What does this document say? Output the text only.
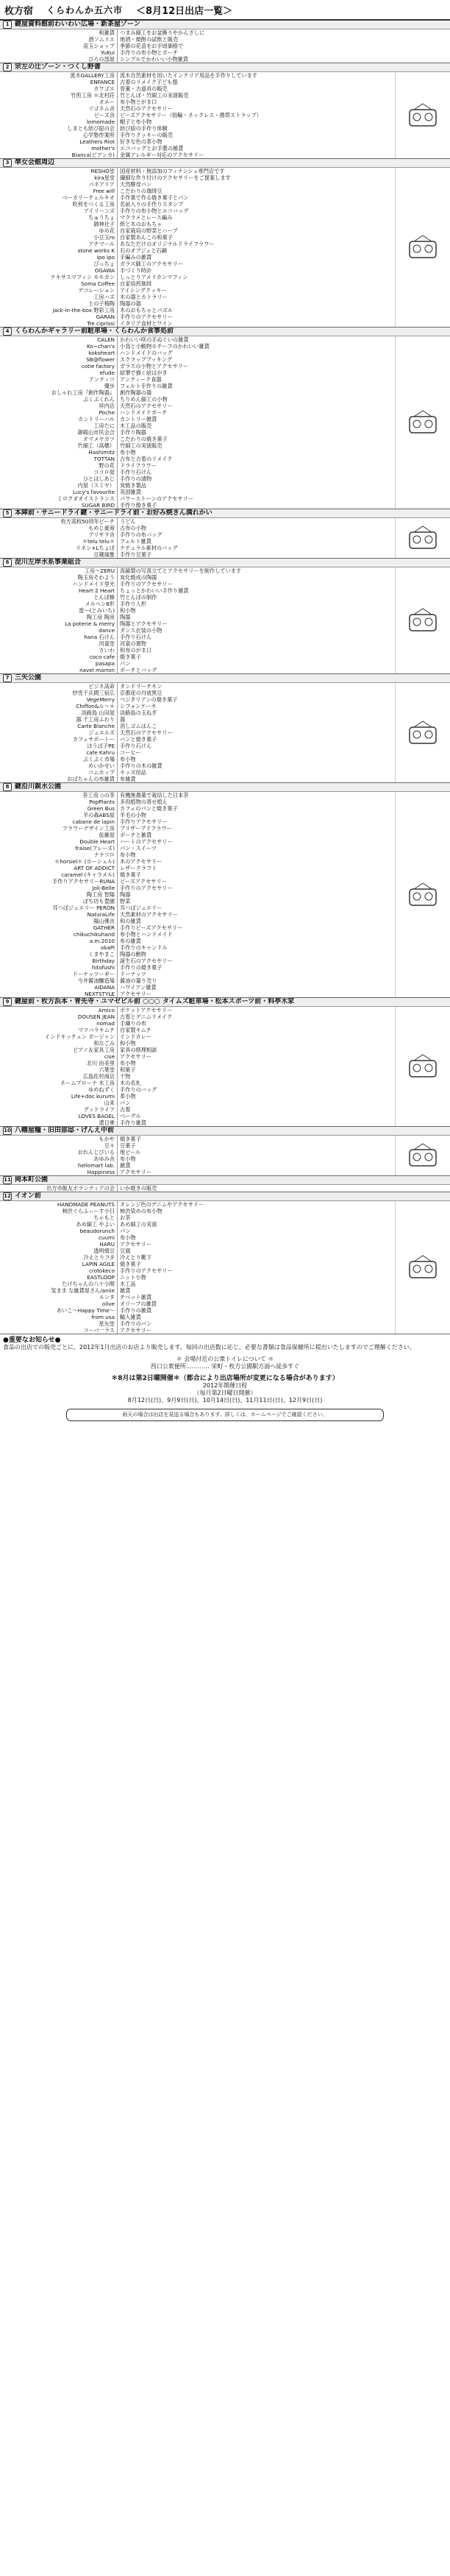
枚方宿 くらわんか五六市 ＜8月12日出店一覧＞
1 鍵屋資料館前わいわい広場・新茶屋ゾーン
和雑貨
酒ソムリエ
苗玉ショップ
YuKui
ぴろの部屋
つまみ細工をお盆飾りやかんざしに
地酒・焼酎の試飲と販売
季節の花苗をお手頃価格で
手作りの布小物とポーチ
シンプルでかわいい小物雑貨
2 宗左の辻ゾーン・つくし野書
流木GALLERY工房
ENFANCE
カワゴエ
竹煎工房 ＊北村荘
オエー
リゴネム舎
ビーズ舎
lomomade
しまとも結び紐の会
心学塾作業所
Leathers Riot
mother's
Bianca(ビアンカ)
流木自然素材を用いたインテリア用品を手作りしています
古着のリメイク子ども服
骨董・古道具の販売
竹とんぼ・竹細工の実演販売
布小物とがま口
天然石のアクセサリー
ビーズアクセサリー（指輪・ネックレス・携帯ストラップ）
帽子と布小物
結び紐の手作り体験
手作りクッキーの販売
好きな色の革小物
エコバッグとお手製の雑貨
金属アレルギー対応のアクセサリー
3 準女会館周辺
RESHO堂
kira星堂
パネアリア
Free will
ベーカリーチェルキオ
吹利をつくる工房
アイリーンズ
ちゅうちょ
御神社子
ゆめ花
小豆玉ro
アチマール
stone works K
ipo ipo
ぴっちょ
OGAWA
テキサスマフィン モモカン
Soma Coffee
デコレーション
工房ハズ
土の子梅陶
jack-in-the-box 野彩工房
GARAN
Tre ciprissi
国産材料・無添加のフィナンシェ専門店です
繊細な作り付けのアクセサリーをご提案します
天然酵母パン
こだわりの珈琲豆
手作業で作る焼き菓子とパン
名前入りの手作りスタンプ
手作りの布小物とエコバッグ
マクラメとレース編み
紙と木のおもちゃ
自家栽培の野菜とハーブ
自家製あんこの和菓子
あなただけのオリジナルドライフラワー
石のオブジェと石鹸
手編みの雑貨
ガラス細工のアクセサリー
手づくり時計
しっとりアメリカンマフィン
自家焙煎珈琲
アイシングクッキー
木の器とカトラリー
陶器の器
木のおもちゃとパズル
手作りのアクセサリー
イタリア食材とワイン
4 くらわんかギャラリー前駐車場・くらわんか食事処前
CALEN
Ko~chan's
kokoheart
SB@flower
cotie factory
efude
アンティコ
優歩
おしゃれ工房『創作陶器』
ぷくぷくれん
祥内店
Poche
カントリーハル
工房たに
御殿山市民会合
オマメヤカツ
竹細工（高橋）
Hashimitz
TOTTAN
野の花
ココロ屋
ひとはしあじ
内屋（スミヤ）
Lucy's favourite
ミロクオオイストランス
SUGAR BIRD
かわいい咲の手ぬぐいの雑貨
小鳥と小動物モチーフのかわいい雑貨
ハンドメイドのバッグ
スクラップブッキング
ガラスの小物とアクセサリー
絵筆で描く絵はがき
アンティーク食器
フェルト手作りの雑貨
創作陶器の器
ちりめん細工の小物
天然石のアクセサリー
ハンドメイドポーチ
カントリー雑貨
木工品の販売
手作り陶器
こだわりの焼き菓子
竹細工の実演販売
布小物
古布と古着のリメイク
ドライフラワー
手作り石けん
手作りの漬物
炭焼き製品
英国雑貨
パワーストーンのアクセサリー
手作り焼き菓子
5 本陣前・サニードライ鍵・サニードライ前・お好み焼きん満れかい
枚方高校50周年ビーチ
もめじ豪商
アリサラ舎
＊telu telu＊
リネン+Lちょぼ
豆蔵風雅
うどん
古布の小物
手作りの布バッグ
フェルト雑貨
ナチュラル素材のバッグ
手作り豆菓子
6 淀川左岸水系事業組合
工房～ZERU
陶玉房そわよう
ハンドメイド里光
Heart 2 Heart
とんぼ蜂
メルヘン8形
雷～(とみいち)
陶工房 陶房
La poterie & merry
dance
hana 石けん
河童堂
さいわ
coco cafe
pasapa
navel marron
真鍮製の写真立てとアクセサリーを制作しています
炭化焼成の陶器
手作りのアクセサリー
ちょっとかわいい手作り雑貨
竹とんぼの制作
手作り人形
和小物
陶器
陶器とアクセサリー
ダンス衣装の小物
手作り石けん
河童の置物
和布のがま口
焼き菓子
パン
ポーチとバッグ
7 三矢公園
ビジネ高命
紗雪千兵間三宿広
VegeMerry
Chiffon&ル〜＊
淡路島 山田屋
器 千工房ふわり
Carte Blanche
ジュエルズ
カフェサポートー
ほうば子PE
cafe Kahru
ぷくぷく市場
めいかせい
コムホップ
おばちゃんの布雑貨
タンドリーチキン
京都産の丹波黒豆
ベジタリアンの焼き菓子
シフォンケーキ
淡路島の玉ねぎ
器
消しゴムはんこ
天然石のアクセサリー
パンと焼き菓子
手作り石けん
コーヒー
布小物
手作りの木の雑貨
キッズ用品
布雑貨
8 鍵沿川親水公園
茶工房 ◇の茶
PopPlants
Green Bus
羊の森ABS屋
cabane de lapin
フラワーデザイン工房
仮雑屋
Double Heart
fraise(フレーズ)
ナナコロ
＊horsiel＊ (ホーシェル)
ART OF ADDICT
caramel (キャラメル)
手作りアクセサリーRUNA
Joli-Belle
陶工房 智陽
ぽち坊も豊園
耳つぼジュエリー PERON
NaturaLife
陽山佛舎
GATHER
chikuchikuhand
a.m.2010
okaPi
くまやまこ
Birthday
hitofushi
ドーナッツーギー
今井醤油醸造場
AIDANA
NEXTSTYLE
有機無農薬で栽培した日本茶
多肉植物の寄せ植え
カフェのパンと焼き菓子
羊毛の小物
手作りアクセサリー
プリザーブドフラワー
ポーチと雑貨
ハートのアクセサリー
パン・スイーツ
布小物
木のアクセサリー
レザークラフト
焼き菓子
ビーズアクセサリー
手作りのアクセサリー
陶器
野菜
耳つぼジュエリー
天然素材のアクセサリー
和の雑貨
手作りビーズアクセサリー
布小物とハンドメイド
布の雑貨
手作りのキャンドル
陶器の動物
誕生石のアクセサリー
手作りの焼き菓子
ドーナッツ
醤油の量り売り
ハワイアン雑貨
アクセサリー
9 鍵屋前・枚方浜本・青先寺・ユマゼビル前 ○○○ タイムズ駐車場・松本スポーツ前・料亭木家
Amico
DOUSEN JEAN
nomad
マツバラキムチ
インドキッチェン ポージャン
和なごみ
ピアノ＆家具工房
cise
北川 由美里
六葉堂
広島佐村商店
ネームプローナ 木工房
ゆめねずく
Life+doc kurumi
山来
グッドライフ
LOVES BAGEL
還日乗
ポケットアクセサリー
古着とデニムリメイク
手織りの布
自家製キムチ
インドカレー
和小物
家具の修理相談
アクセサリー
布小物
和菓子
干物
木の名札
手作りのバッグ
革小物
パン
古着
ベーグル
手作り雑貨
10 八幡屋糧・旧田部邸・げんえ中前
もかや
豆々
おれんじびいる
あゆみ舎
hellomart lab.
Happiness
焼き菓子
豆菓子
地ビール
布小物
雑貨
アクセサリー
11 岡本町公園
出方市飯友ボランティアの会 いか焼きの販売
12 イオン前
HANDMADE PEANUTS
柿渋ぐらふぃーす小日
ちゃもと
あめ細工 やよい
beaudorunch
cuumi
HARU
透明絹豆
冷えとりフタ
LAPIN AGILE
crotokeco
EASTLOOP
たけちゃんの八十小間
気まま な雑貨屋さん/aniie
ルンタ
olive
あいこ〜Happy Time〜
from usa
星矢堂
コーパ一ラス
オレンジ色のデニムやアクセサリー
柿渋染めの布小物
お茶
あめ細工の実演
パン
布小物
アクセサリー
豆腐
冷えとり靴下
焼き菓子
手作りのアクセサリー
ニット小物
木工品
雑貨
チベット雑貨
オリーブの雑貨
手作りの雑貨
輸入雑貨
手作りのパン
アクセサリー
●重要なお知らせ●
食品の出店での販売ごとに、2012年1月出店のお店より販売します。毎回の出店数に応じ、必要な書類は食品保健所に提出いたしますのでご理解ください。
＊ 会場付近の公衆トイレについて ＊
西口公衆便所………… 栄町・枚方公園駅方面へ徒歩すぐ
＊8月は第2日曜開催＊（都合により出店場所が変更になる場合があります）
2012年開催日程
（毎月第2日曜日開催）
8月12日(日)、9月9日(日)、10月14日(日)、11月11日(日)、12月9日(日)
雨天の場合は出店を見送る場合もあります。詳しくは、ホームページでご確認ください。
